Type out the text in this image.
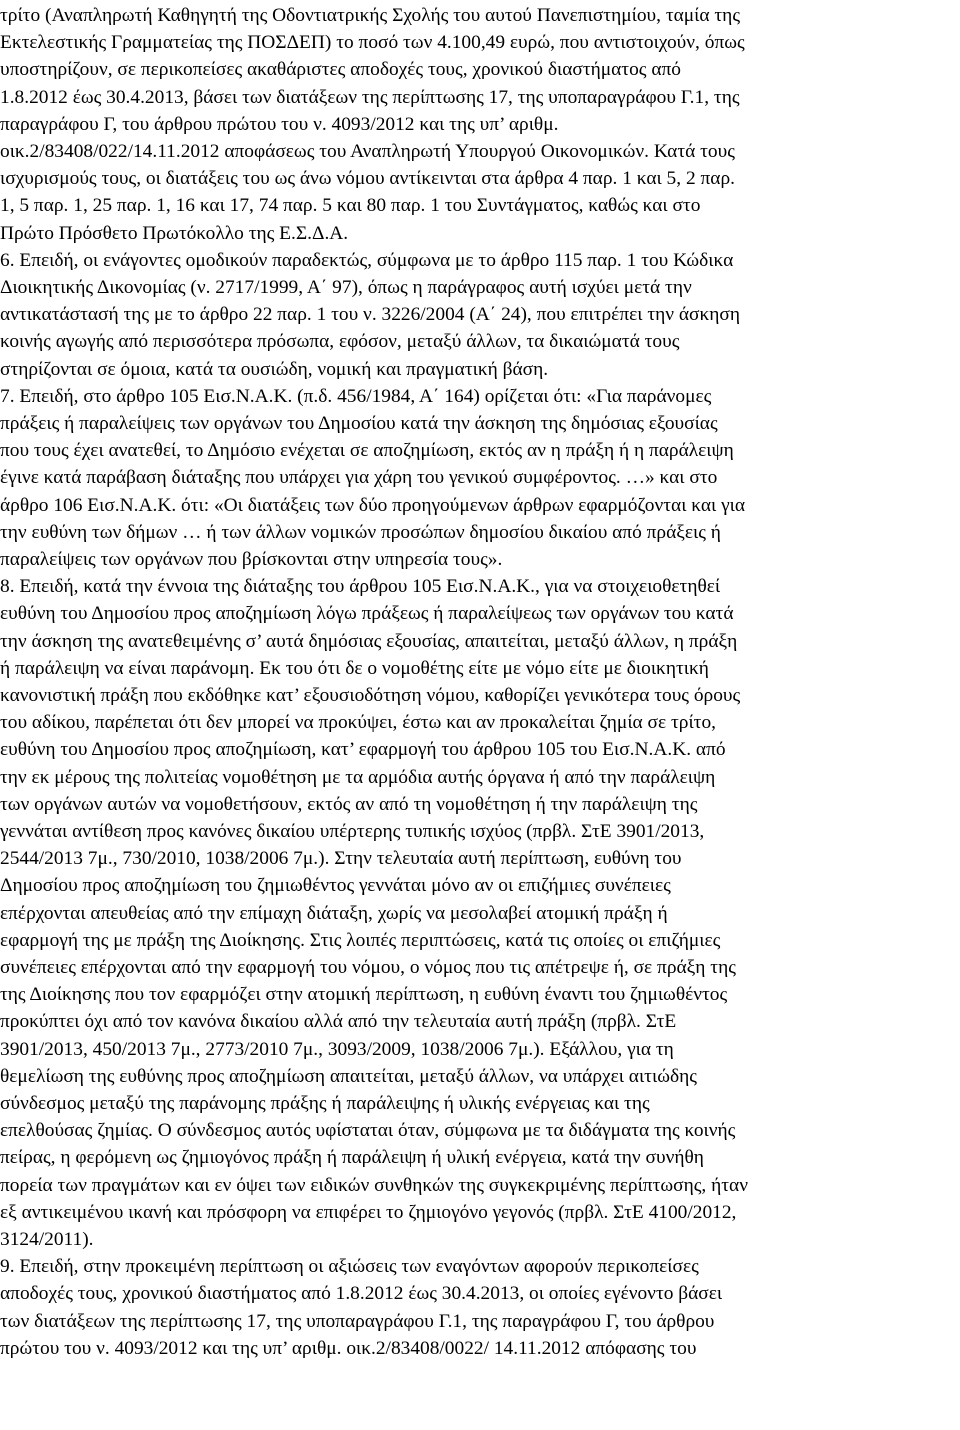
τρίτο (Αναπληρωτή Καθηγητή της Οδοντιατρικής Σχολής του αυτού Πανεπιστημίου, ταμία της
Εκτελεστικής Γραμματείας της ΠΟΣΔΕΠ) το ποσό των 4.100,49 ευρώ, που αντιστοιχούν, όπως
υποστηρίζουν, σε περικοπείσες ακαθάριστες αποδοχές τους, χρονικού διαστήματος από
1.8.2012 έως 30.4.2013, βάσει των διατάξεων της περίπτωσης 17, της υποπαραγράφου Γ.1, της
παραγράφου Γ, του άρθρου πρώτου του ν. 4093/2012 και της υπ’ αριθμ.
οικ.2/83408/022/14.11.2012 αποφάσεως του Αναπληρωτή Υπουργού Οικονομικών. Κατά τους
ισχυρισμούς τους, οι διατάξεις του ως άνω νόμου αντίκεινται στα άρθρα 4 παρ. 1 και 5, 2 παρ.
1, 5 παρ. 1, 25 παρ. 1, 16 και 17, 74 παρ. 5 και 80 παρ. 1 του Συντάγματος, καθώς και στο
Πρώτο Πρόσθετο Πρωτόκολλο της Ε.Σ.Δ.Α.
6. Επειδή, οι ενάγοντες ομοδικούν παραδεκτώς, σύμφωνα με το άρθρο 115 παρ. 1 του Κώδικα
Διοικητικής Δικονομίας (ν. 2717/1999, Α΄ 97), όπως η παράγραφος αυτή ισχύει μετά την
αντικατάστασή της με το άρθρο 22 παρ. 1 του ν. 3226/2004 (Α΄ 24), που επιτρέπει την άσκηση
κοινής αγωγής από περισσότερα πρόσωπα, εφόσον, μεταξύ άλλων, τα δικαιώματά τους
στηρίζονται σε όμοια, κατά τα ουσιώδη, νομική και πραγματική βάση.
7. Επειδή, στο άρθρο 105 Εισ.Ν.Α.Κ. (π.δ. 456/1984, Α΄ 164) ορίζεται ότι: «Για παράνομες
πράξεις ή παραλείψεις των οργάνων του Δημοσίου κατά την άσκηση της δημόσιας εξουσίας
που τους έχει ανατεθεί, το Δημόσιο ενέχεται σε αποζημίωση, εκτός αν η πράξη ή η παράλειψη
έγινε κατά παράβαση διάταξης που υπάρχει για χάρη του γενικού συμφέροντος. …» και στο
άρθρο 106 Εισ.Ν.Α.Κ. ότι: «Οι διατάξεις των δύο προηγούμενων άρθρων εφαρμόζονται και για
την ευθύνη των δήμων … ή των άλλων νομικών προσώπων δημοσίου δικαίου από πράξεις ή
παραλείψεις των οργάνων που βρίσκονται στην υπηρεσία τους».
8. Επειδή, κατά την έννοια της διάταξης του άρθρου 105 Εισ.Ν.Α.Κ., για να στοιχειοθετηθεί
ευθύνη του Δημοσίου προς αποζημίωση λόγω πράξεως ή παραλείψεως των οργάνων του κατά
την άσκηση της ανατεθειμένης σ’ αυτά δημόσιας εξουσίας, απαιτείται, μεταξύ άλλων, η πράξη
ή παράλειψη να είναι παράνομη. Εκ του ότι δε ο νομοθέτης είτε με νόμο είτε με διοικητική
κανονιστική πράξη που εκδόθηκε κατ’ εξουσιοδότηση νόμου, καθορίζει γενικότερα τους όρους
του αδίκου, παρέπεται ότι δεν μπορεί να προκύψει, έστω και αν προκαλείται ζημία σε τρίτο,
ευθύνη του Δημοσίου προς αποζημίωση, κατ’ εφαρμογή του άρθρου 105 του Εισ.Ν.Α.Κ. από
την εκ μέρους της πολιτείας νομοθέτηση με τα αρμόδια αυτής όργανα ή από την παράλειψη
των οργάνων αυτών να νομοθετήσουν, εκτός αν από τη νομοθέτηση ή την παράλειψη της
γεννάται αντίθεση προς κανόνες δικαίου υπέρτερης τυπικής ισχύος (πρβλ. ΣτΕ 3901/2013,
2544/2013 7μ., 730/2010, 1038/2006 7μ.). Στην τελευταία αυτή περίπτωση, ευθύνη του
Δημοσίου προς αποζημίωση του ζημιωθέντος γεννάται μόνο αν οι επιζήμιες συνέπειες
επέρχονται απευθείας από την επίμαχη διάταξη, χωρίς να μεσολαβεί ατομική πράξη ή
εφαρμογή της με πράξη της Διοίκησης. Στις λοιπές περιπτώσεις, κατά τις οποίες οι επιζήμιες
συνέπειες επέρχονται από την εφαρμογή του νόμου, ο νόμος που τις απέτρεψε ή, σε πράξη της
της Διοίκησης που τον εφαρμόζει στην ατομική περίπτωση, η ευθύνη έναντι του ζημιωθέντος
προκύπτει όχι από τον κανόνα δικαίου αλλά από την τελευταία αυτή πράξη (πρβλ. ΣτΕ
3901/2013, 450/2013 7μ., 2773/2010 7μ., 3093/2009, 1038/2006 7μ.). Εξάλλου, για τη
θεμελίωση της ευθύνης προς αποζημίωση απαιτείται, μεταξύ άλλων, να υπάρχει αιτιώδης
σύνδεσμος μεταξύ της παράνομης πράξης ή παράλειψης ή υλικής ενέργειας και της
επελθούσας ζημίας. Ο σύνδεσμος αυτός υφίσταται όταν, σύμφωνα με τα διδάγματα της κοινής
πείρας, η φερόμενη ως ζημιογόνος πράξη ή παράλειψη ή υλική ενέργεια, κατά την συνήθη
πορεία των πραγμάτων και εν όψει των ειδικών συνθηκών της συγκεκριμένης περίπτωσης, ήταν
εξ αντικειμένου ικανή και πρόσφορη να επιφέρει το ζημιογόνο γεγονός (πρβλ. ΣτΕ 4100/2012,
3124/2011).
9. Επειδή, στην προκειμένη περίπτωση οι αξιώσεις των εναγόντων αφορούν περικοπείσες
αποδοχές τους, χρονικού διαστήματος από 1.8.2012 έως 30.4.2013, οι οποίες εγένοντο βάσει
των διατάξεων της περίπτωσης 17, της υποπαραγράφου Γ.1, της παραγράφου Γ, του άρθρου
πρώτου του ν. 4093/2012 και της υπ’ αριθμ. οικ.2/83408/0022/ 14.11.2012 απόφασης του
